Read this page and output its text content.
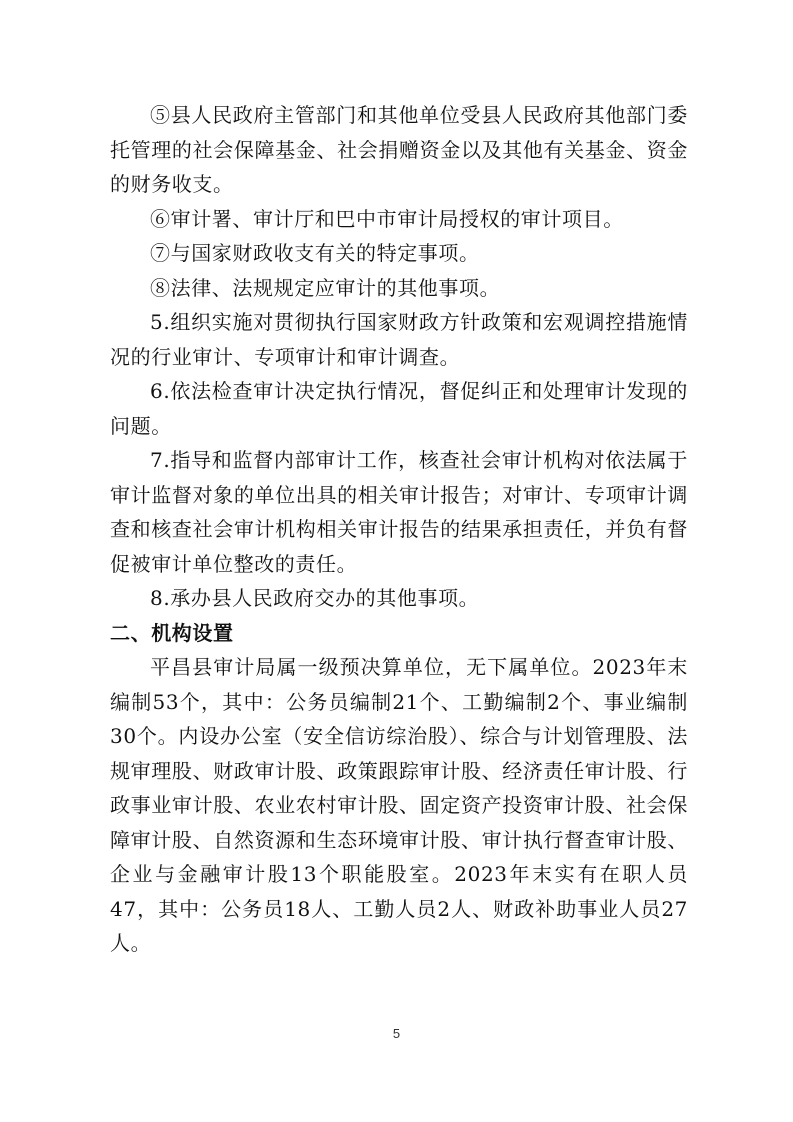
⑤县人民政府主管部门和其他单位受县人民政府其他部门委托管理的社会保障基金、社会捐赠资金以及其他有关基金、资金的财务收支。

⑥审计署、审计厅和巴中市审计局授权的审计项目。

⑦与国家财政收支有关的特定事项。

⑧法律、法规规定应审计的其他事项。

5.组织实施对贯彻执行国家财政方针政策和宏观调控措施情况的行业审计、专项审计和审计调查。

6.依法检查审计决定执行情况，督促纠正和处理审计发现的问题。

7.指导和监督内部审计工作，核查社会审计机构对依法属于审计监督对象的单位出具的相关审计报告；对审计、专项审计调查和核查社会审计机构相关审计报告的结果承担责任，并负有督促被审计单位整改的责任。

8.承办县人民政府交办的其他事项。

二、机构设置

平昌县审计局属一级预决算单位，无下属单位。2023年末编制53个，其中：公务员编制21个、工勤编制2个、事业编制30个。内设办公室（安全信访综治股）、综合与计划管理股、法规审理股、财政审计股、政策跟踪审计股、经济责任审计股、行政事业审计股、农业农村审计股、固定资产投资审计股、社会保障审计股、自然资源和生态环境审计股、审计执行督查审计股、企业与金融审计股13个职能股室。2023年末实有在职人员47，其中：公务员18人、工勤人员2人、财政补助事业人员27人。

5
